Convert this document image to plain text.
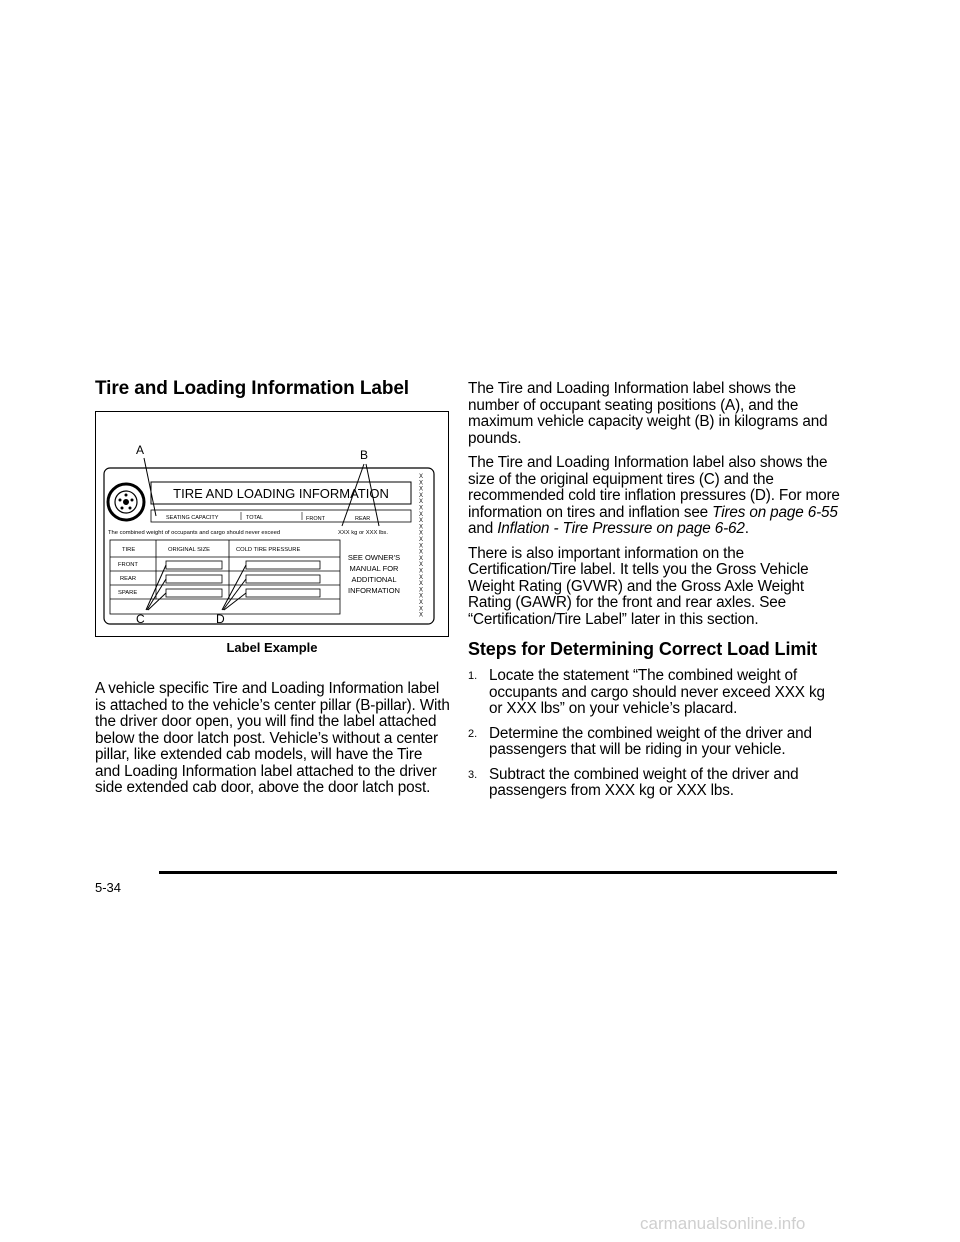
Tire and Loading Information Label
TIRE AND LOADING INFORMATION
SEATING CAPACITY	TOTAL	FRONT	REAR
The combined weight of occupants and cargo should never exceed	XXX kg or XXX lbs.
TIRE	ORIGINAL SIZE	COLD TIRE PRESSURE
FRONT
REAR
SPARE
SEE OWNER'S
MANUAL FOR
ADDITIONAL
INFORMATION
X
X
X
X
X
X
X
X
X
X
X
X
X
X
X
X
X
X
X
X
X
X
X
A	B
C	D
Label Example

A vehicle specific Tire and Loading Information label is attached to the vehicle’s center pillar (B-pillar). With the driver door open, you will find the label attached below the door latch post. Vehicle’s without a center pillar, like extended cab models, will have the Tire and Loading Information label attached to the driver side extended cab door, above the door latch post.

The Tire and Loading Information label shows the number of occupant seating positions (A), and the maximum vehicle capacity weight (B) in kilograms and pounds.

The Tire and Loading Information label also shows the size of the original equipment tires (C) and the recommended cold tire inflation pressures (D). For more information on tires and inflation see Tires on page 6-55 and Inflation - Tire Pressure on page 6-62.

There is also important information on the Certification/Tire label. It tells you the Gross Vehicle Weight Rating (GVWR) and the Gross Axle Weight Rating (GAWR) for the front and rear axles. See “Certification/Tire Label” later in this section.

Steps for Determining Correct Load Limit
1. Locate the statement “The combined weight of occupants and cargo should never exceed XXX kg or XXX lbs” on your vehicle’s placard.
2. Determine the combined weight of the driver and passengers that will be riding in your vehicle.
3. Subtract the combined weight of the driver and passengers from XXX kg or XXX lbs.
5-34
carmanualsonline.info
